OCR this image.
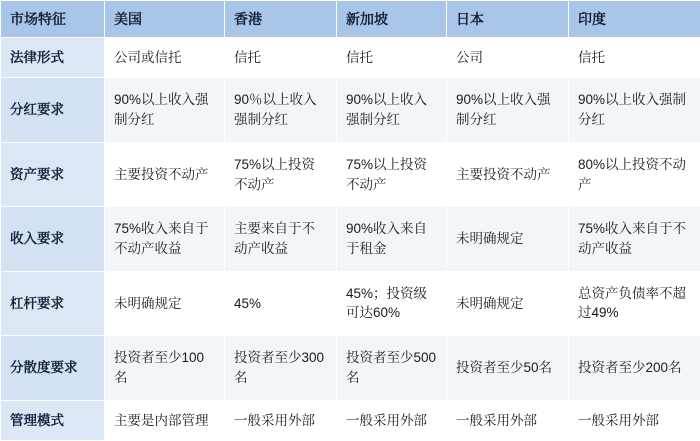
市场特征	美国	香港	新加坡	日本	印度
法律形式	公司或信托	信托	信托	公司	信托
分红要求	90%以上收入强制分红	90％以上收入强制分红	90%以上收入强制分红	90%以上收入强制分红	90%以上收入强制分红
资产要求	主要投资不动产	75%以上投资不动产	75%以上投资不动产	主要投资不动产	80%以上投资不动产
收入要求	75%收入来自于不动产收益	主要来自于不动产收益	90%收入来自于租金	未明确规定	75%收入来自于不动产收益
杠杆要求	未明确规定	45%	45%；投资级可达60%	未明确规定	总资产负债率不超过49%
分散度要求	投资者至少100名	投资者至少300名	投资者至少500名	投资者至少50名	投资者至少200名
管理模式	主要是内部管理	一般采用外部	一般采用外部	一般采用外部	一般采用外部
